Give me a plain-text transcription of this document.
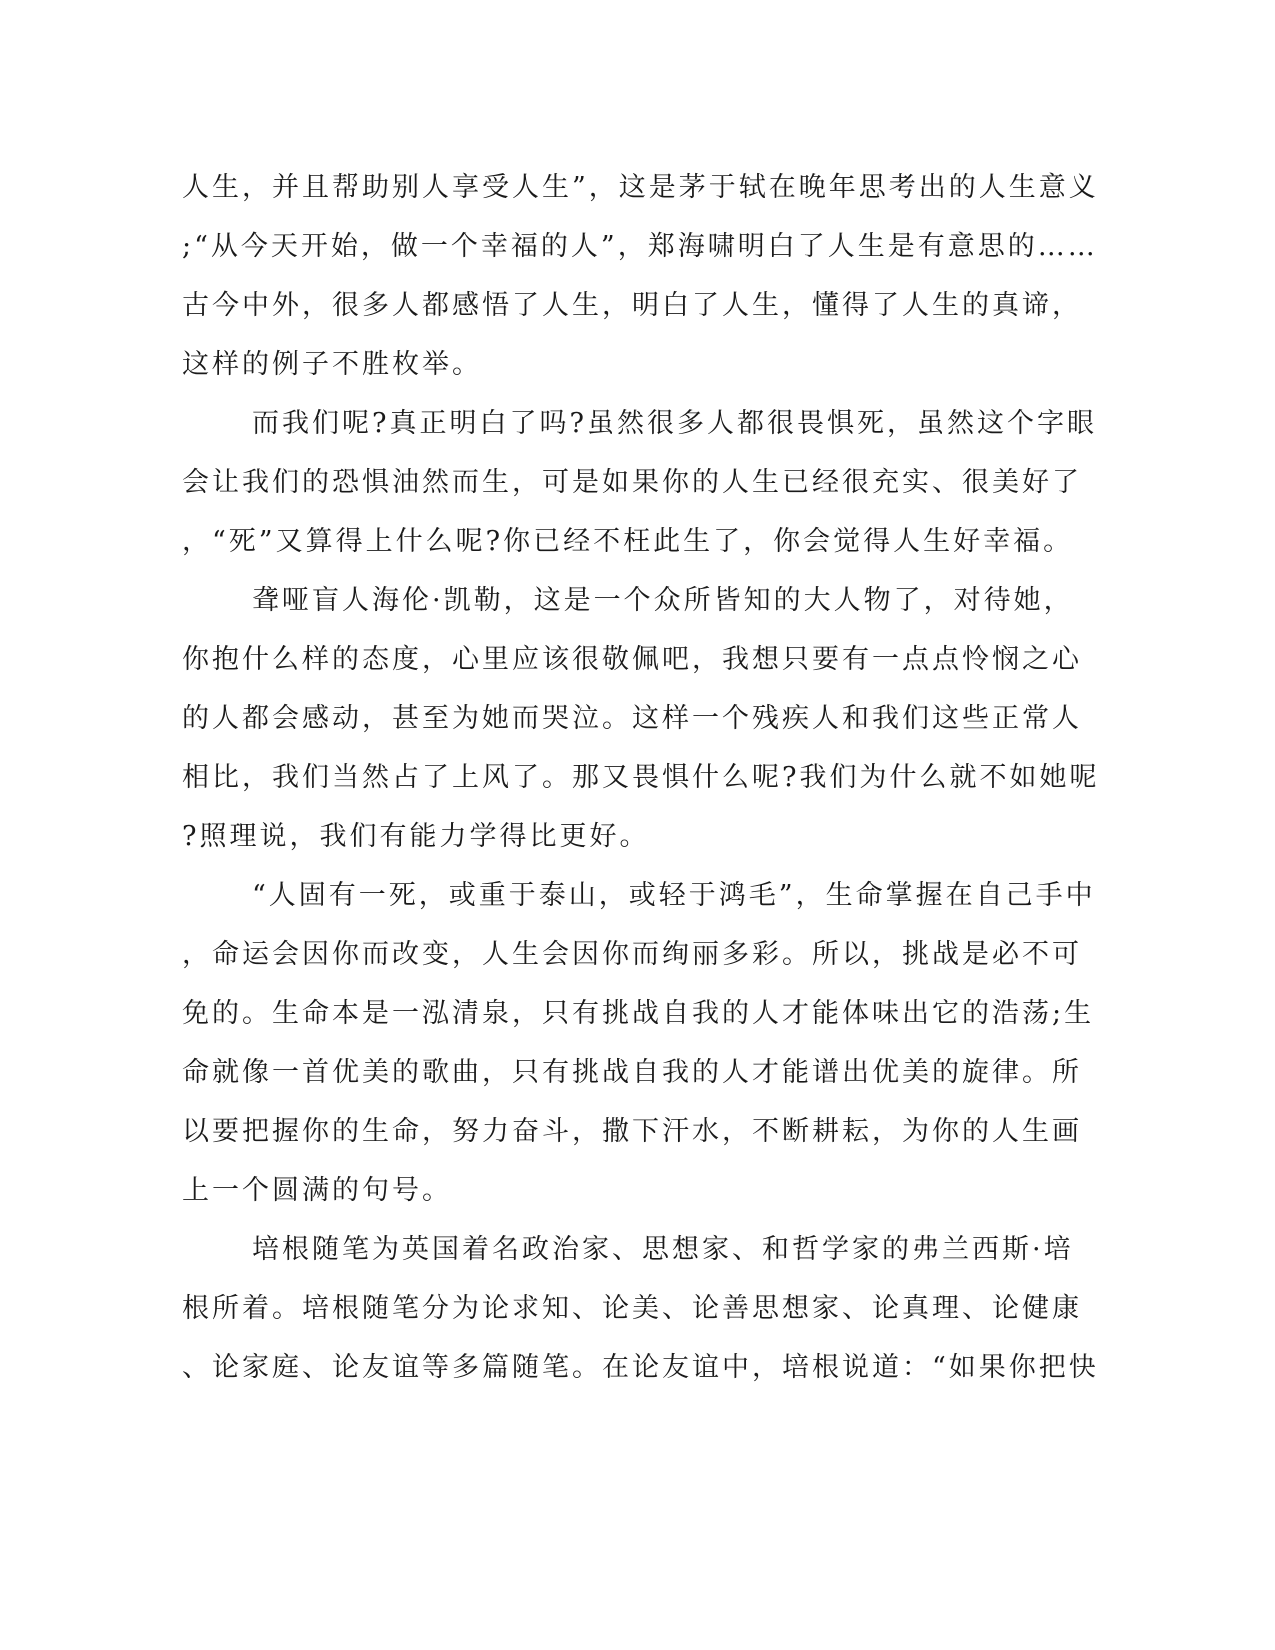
人生，并且帮助别人享受人生”，这是茅于轼在晚年思考出的人生意义
;“从今天开始，做一个幸福的人”，郑海啸明白了人生是有意思的……
古今中外，很多人都感悟了人生，明白了人生，懂得了人生的真谛，
这样的例子不胜枚举。
而我们呢?真正明白了吗?虽然很多人都很畏惧死，虽然这个字眼
会让我们的恐惧油然而生，可是如果你的人生已经很充实、很美好了
，“死”又算得上什么呢?你已经不枉此生了，你会觉得人生好幸福。
聋哑盲人海伦·凯勒，这是一个众所皆知的大人物了，对待她，
你抱什么样的态度，心里应该很敬佩吧，我想只要有一点点怜悯之心
的人都会感动，甚至为她而哭泣。这样一个残疾人和我们这些正常人
相比，我们当然占了上风了。那又畏惧什么呢?我们为什么就不如她呢
?照理说，我们有能力学得比更好。
“人固有一死，或重于泰山，或轻于鸿毛”，生命掌握在自己手中
，命运会因你而改变，人生会因你而绚丽多彩。所以，挑战是必不可
免的。生命本是一泓清泉，只有挑战自我的人才能体味出它的浩荡;生
命就像一首优美的歌曲，只有挑战自我的人才能谱出优美的旋律。所
以要把握你的生命，努力奋斗，撒下汗水，不断耕耘，为你的人生画
上一个圆满的句号。
培根随笔为英国着名政治家、思想家、和哲学家的弗兰西斯·培
根所着。培根随笔分为论求知、论美、论善思想家、论真理、论健康
、论家庭、论友谊等多篇随笔。在论友谊中，培根说道：“如果你把快
